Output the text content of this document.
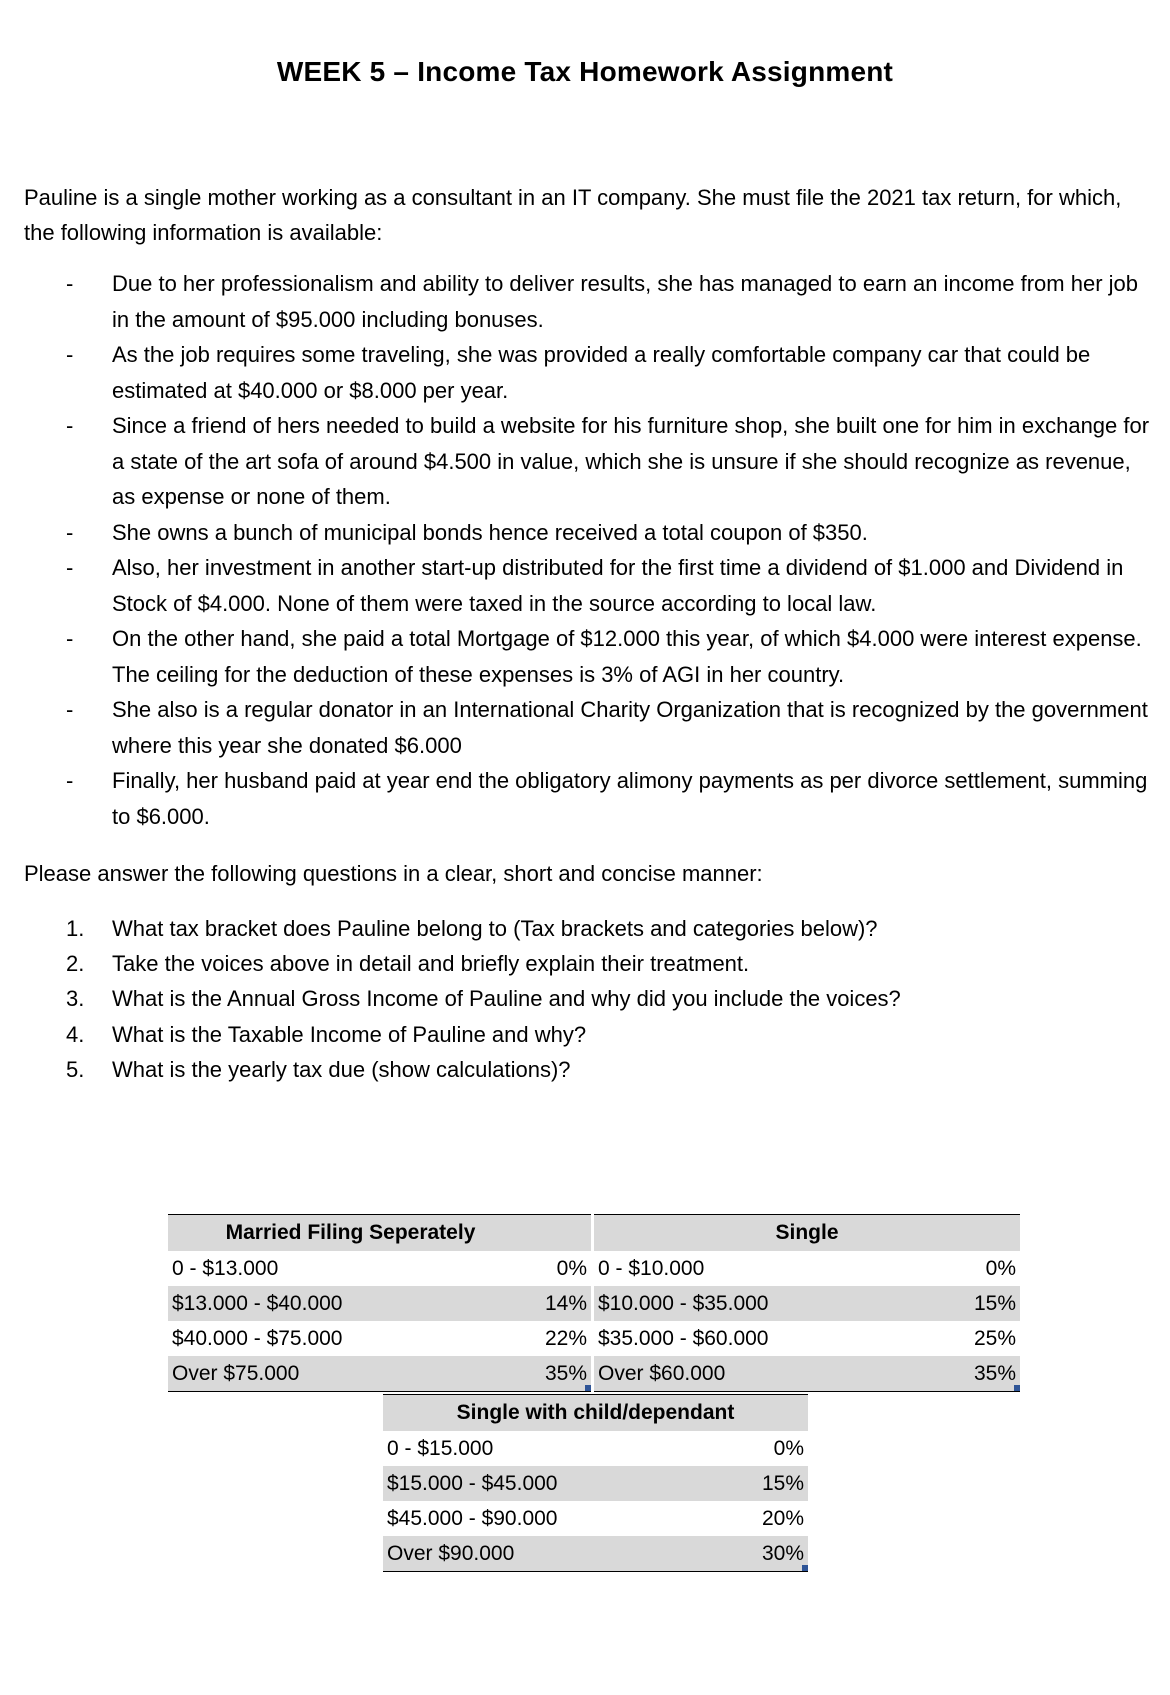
WEEK 5 – Income Tax Homework Assignment

Pauline is a single mother working as a consultant in an IT company. She must file the 2021 tax return, for which, the following information is available:

- Due to her professionalism and ability to deliver results, she has managed to earn an income from her job in the amount of $95.000 including bonuses.
- As the job requires some traveling, she was provided a really comfortable company car that could be estimated at $40.000 or $8.000 per year.
- Since a friend of hers needed to build a website for his furniture shop, she built one for him in exchange for a state of the art sofa of around $4.500 in value, which she is unsure if she should recognize as revenue, as expense or none of them.
- She owns a bunch of municipal bonds hence received a total coupon of $350.
- Also, her investment in another start-up distributed for the first time a dividend of $1.000 and Dividend in Stock of $4.000. None of them were taxed in the source according to local law.
- On the other hand, she paid a total Mortgage of $12.000 this year, of which $4.000 were interest expense. The ceiling for the deduction of these expenses is 3% of AGI in her country.
- She also is a regular donator in an International Charity Organization that is recognized by the government where this year she donated $6.000
- Finally, her husband paid at year end the obligatory alimony payments as per divorce settlement, summing to $6.000.

Please answer the following questions in a clear, short and concise manner:

1. What tax bracket does Pauline belong to (Tax brackets and categories below)?
2. Take the voices above in detail and briefly explain their treatment.
3. What is the Annual Gross Income of Pauline and why did you include the voices?
4. What is the Taxable Income of Pauline and why?
5. What is the yearly tax due (show calculations)?
Married Filing Seperately
0 - $13.000	0%
$13.000 - $40.000	14%
$40.000 - $75.000	22%
Over $75.000	35%
Single
0 - $10.000	0%
$10.000 - $35.000	15%
$35.000 - $60.000	25%
Over $60.000	35%
Single with child/dependant
0 - $15.000	0%
$15.000 - $45.000	15%
$45.000 - $90.000	20%
Over $90.000	30%
